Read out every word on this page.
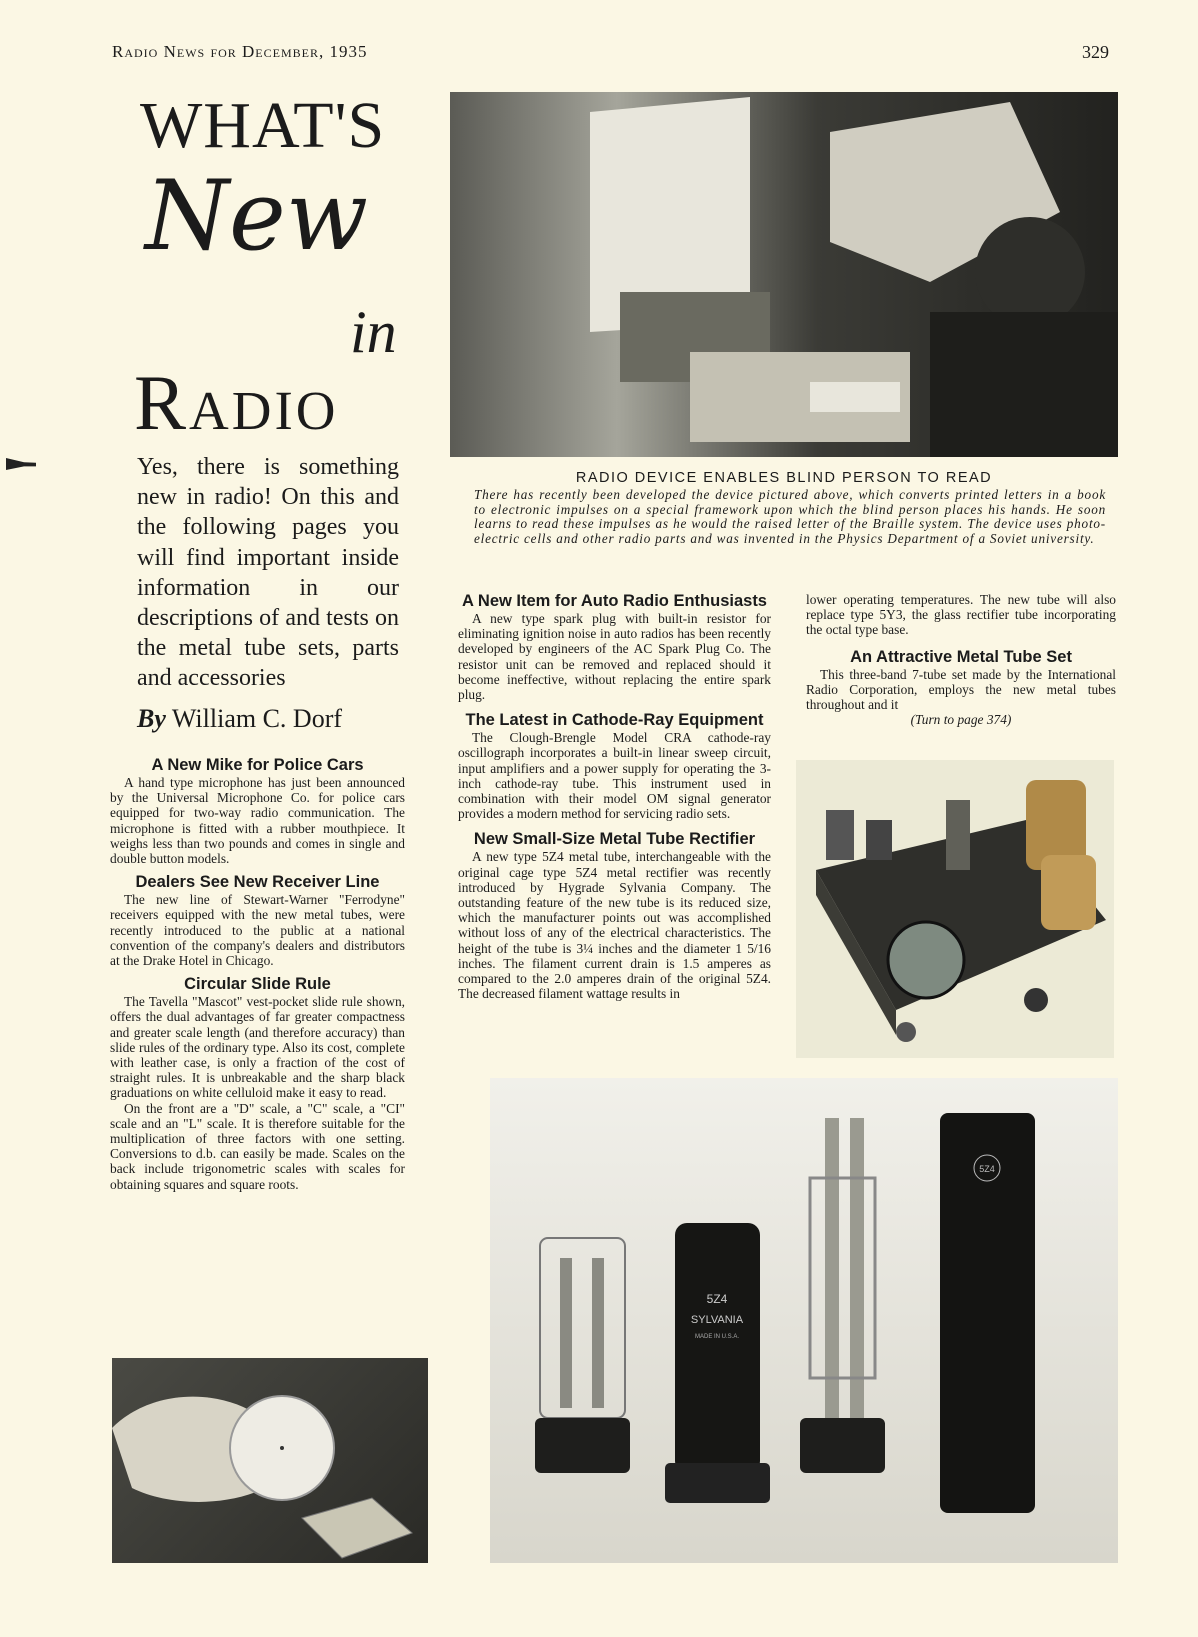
Radio News for December, 1935	329
WHAT'S
New
in
Radio
Yes, there is something new in radio! On this and the following pages you will find important inside information in our descriptions of and tests on the metal tube sets, parts and accessories
By William C. Dorf
A New Mike for Police Cars

A hand type microphone has just been announced by the Universal Microphone Co. for police cars equipped for two-way radio communication. The microphone is fitted with a rubber mouthpiece. It weighs less than two pounds and comes in single and double button models.

Dealers See New Receiver Line

The new line of Stewart-Warner "Ferrodyne" receivers equipped with the new metal tubes, were recently introduced to the public at a national convention of the company's dealers and distributors at the Drake Hotel in Chicago.

Circular Slide Rule

The Tavella "Mascot" vest-pocket slide rule shown, offers the dual advantages of far greater compactness and greater scale length (and therefore accuracy) than slide rules of the ordinary type. Also its cost, complete with leather case, is only a fraction of the cost of straight rules. It is unbreakable and the sharp black graduations on white celluloid make it easy to read.

On the front are a "D" scale, a "C" scale, a "CI" scale and an "L" scale. It is therefore suitable for the multiplication of three factors with one setting. Conversions to d.b. can easily be made. Scales on the back include trigonometric scales with scales for obtaining squares and square roots.

RADIO DEVICE ENABLES BLIND PERSON TO READ
There has recently been developed the device pictured above, which converts printed letters in a book to electronic impulses on a special framework upon which the blind person places his hands. He soon learns to read these impulses as he would the raised letter of the Braille system. The device uses photo-electric cells and other radio parts and was invented in the Physics Department of a Soviet university.
A New Item for Auto Radio Enthusiasts

A new type spark plug with built-in resistor for eliminating ignition noise in auto radios has been recently developed by engineers of the AC Spark Plug Co. The resistor unit can be removed and replaced should it become ineffective, without replacing the entire spark plug.

The Latest in Cathode-Ray Equipment

The Clough-Brengle Model CRA cathode-ray oscillograph incorporates a built-in linear sweep circuit, input amplifiers and a power supply for operating the 3-inch cathode-ray tube. This instrument used in combination with their model OM signal generator provides a modern method for servicing radio sets.

New Small-Size Metal Tube Rectifier

A new type 5Z4 metal tube, interchangeable with the original cage type 5Z4 metal rectifier was recently introduced by Hygrade Sylvania Company. The outstanding feature of the new tube is its reduced size, which the manufacturer points out was accomplished without loss of any of the electrical characteristics. The height of the tube is 3¼ inches and the diameter 1 5/16 inches. The filament current drain is 1.5 amperes as compared to the 2.0 amperes drain of the original 5Z4. The decreased filament wattage results in

lower operating temperatures. The new tube will also replace type 5Y3, the glass rectifier tube incorporating the octal type base.

An Attractive Metal Tube Set

This three-band 7-tube set made by the International Radio Corporation, employs the new metal tubes throughout and it

(Turn to page 374)
5Z4
SYLVANIA
MADE IN U.S.A.
5Z4
